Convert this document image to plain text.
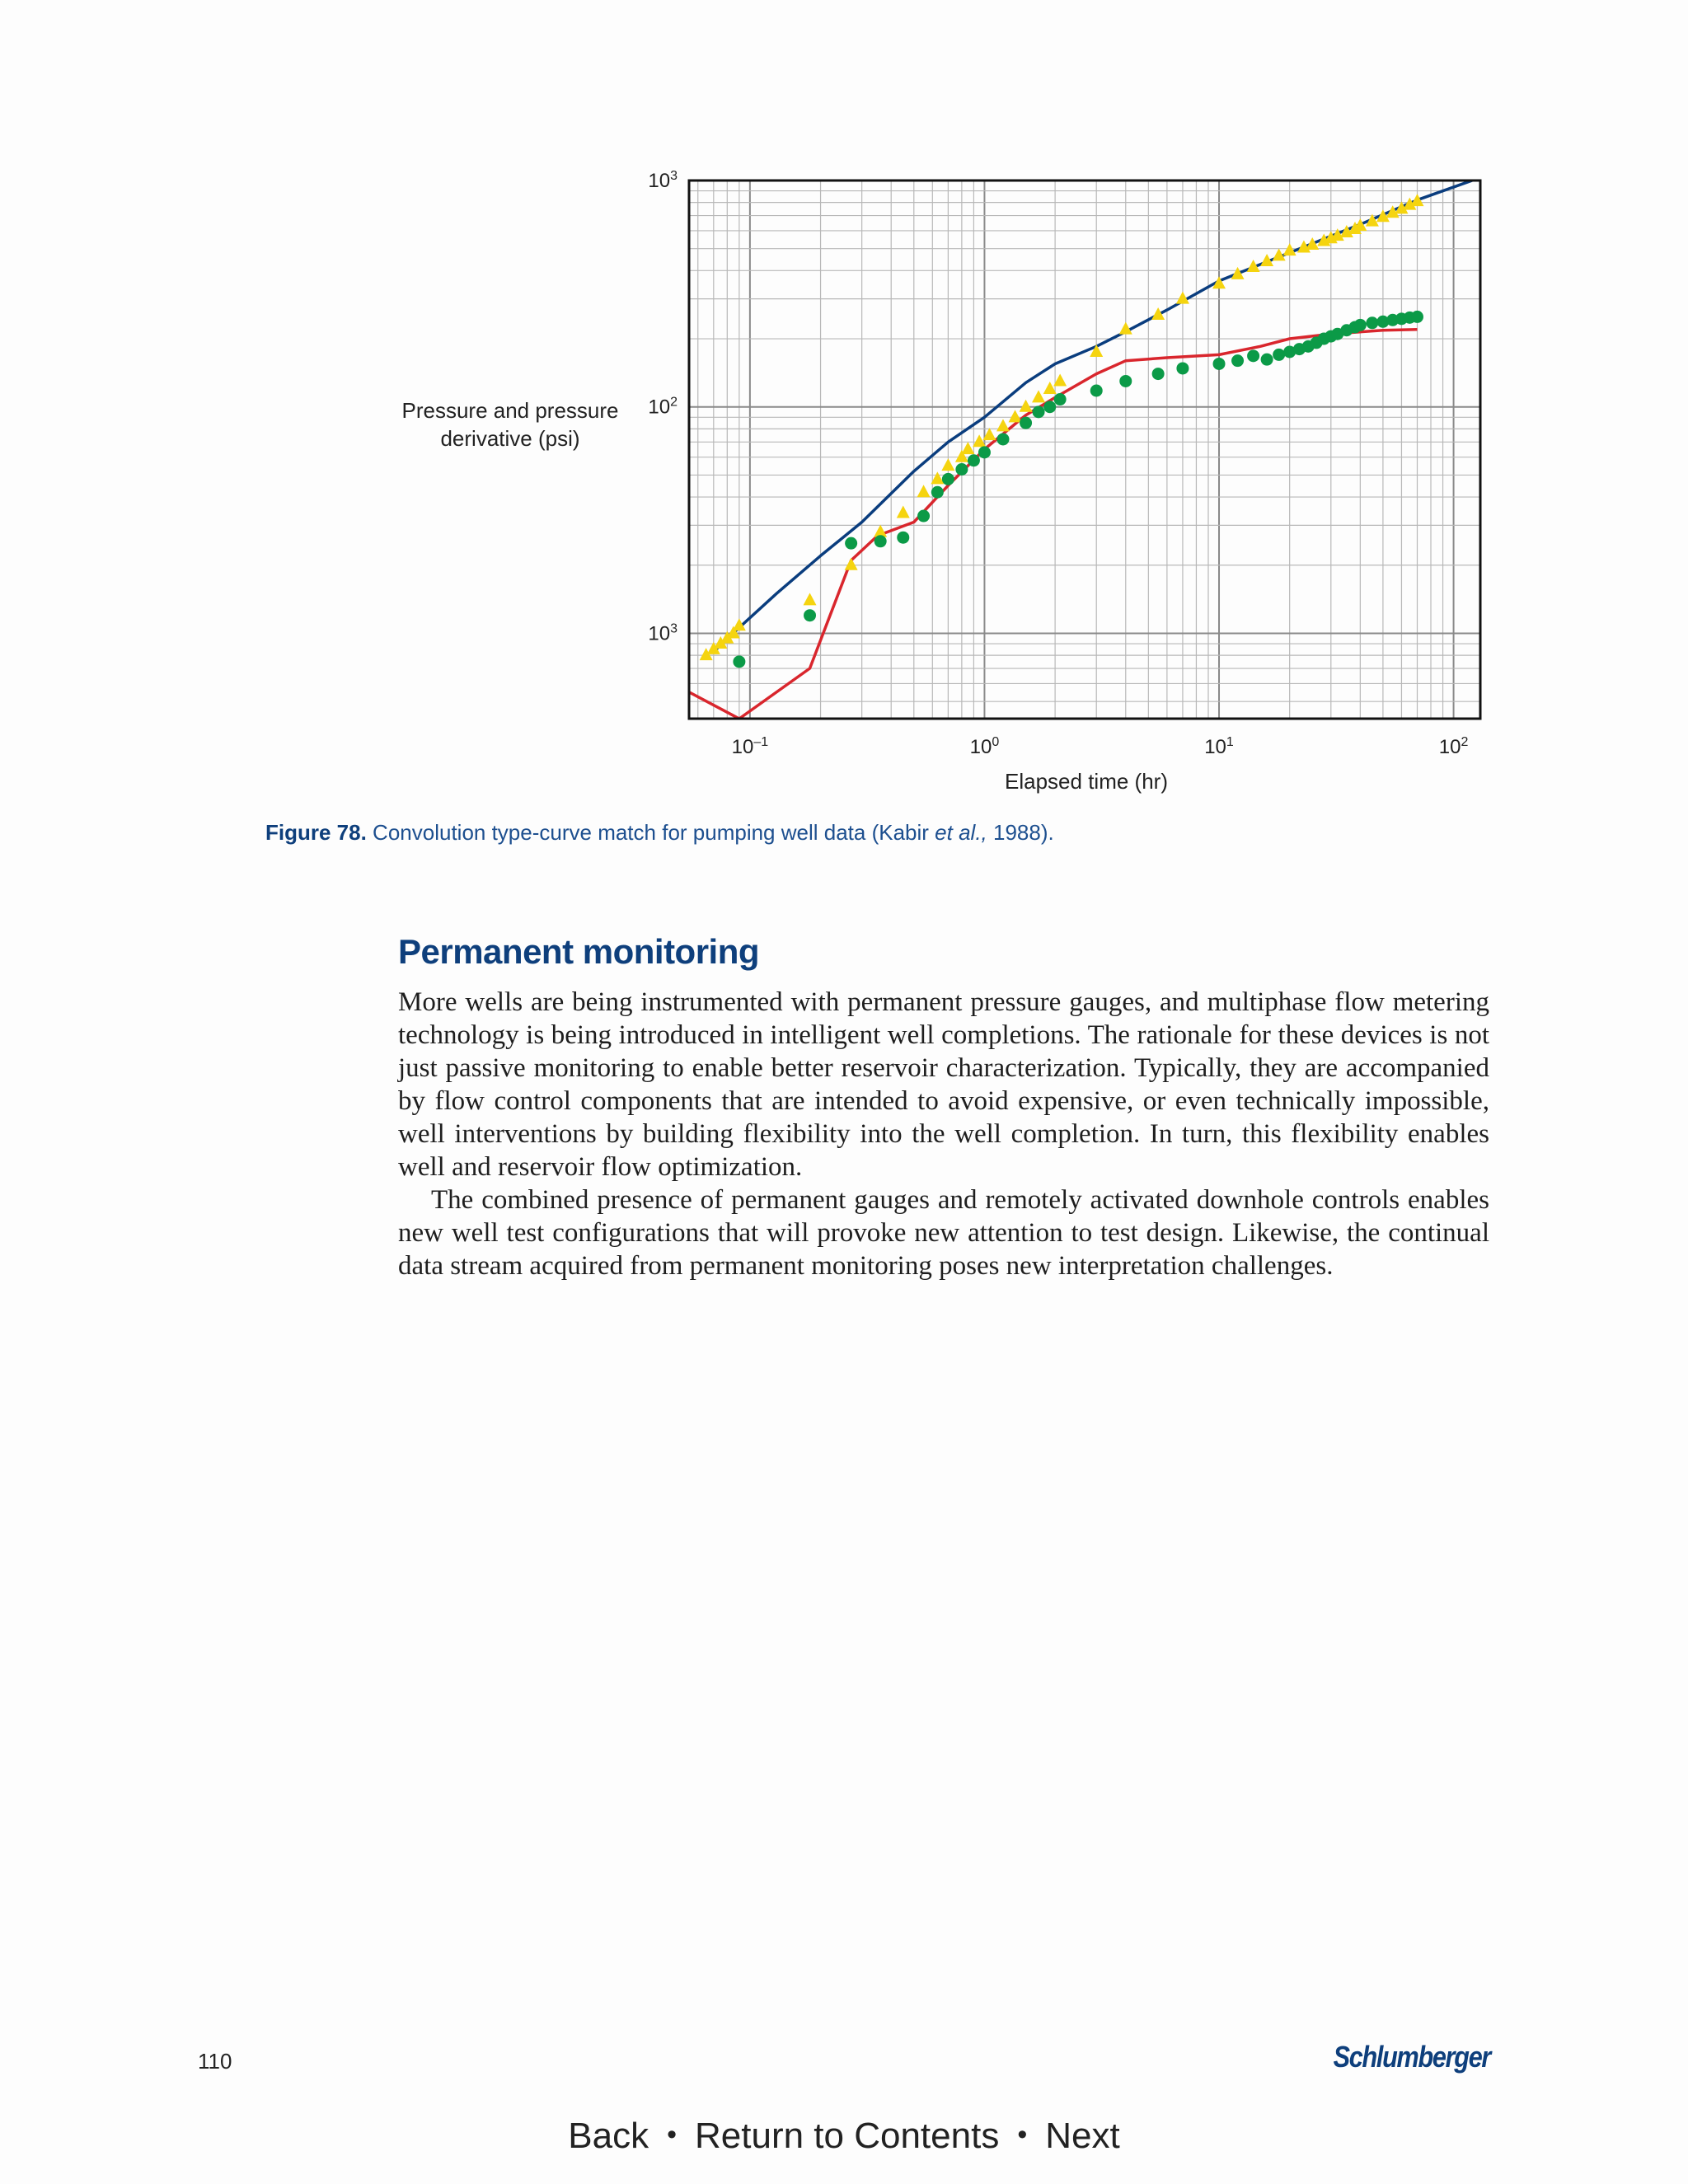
$10^{-1}$	$10^0$	$10^1$	$10^2$
$10^3$
$10^2$
$10^3$
Pressure and pressure
derivative (psi)
Elapsed time (hr)
Figure 78. Convolution type-curve match for pumping well data (Kabir et al., 1988).
Permanent monitoring

More wells are being instrumented with permanent pressure gauges, and multiphase flow metering technology is being introduced in intelligent well completions. The rationale for these devices is not just passive monitoring to enable better reservoir characterization. Typically, they are accompanied by flow control components that are intended to avoid expensive, or even technically impossible, well interventions by building flexibility into the well completion. In turn, this flexibility enables well and reservoir flow optimization.

The combined presence of permanent gauges and remotely activated downhole controls enables new well test configurations that will provoke new attention to test design. Likewise, the continual data stream acquired from permanent monitoring poses new interpretation challenges.

110	Schlumberger
Back • Return to Contents • Next
